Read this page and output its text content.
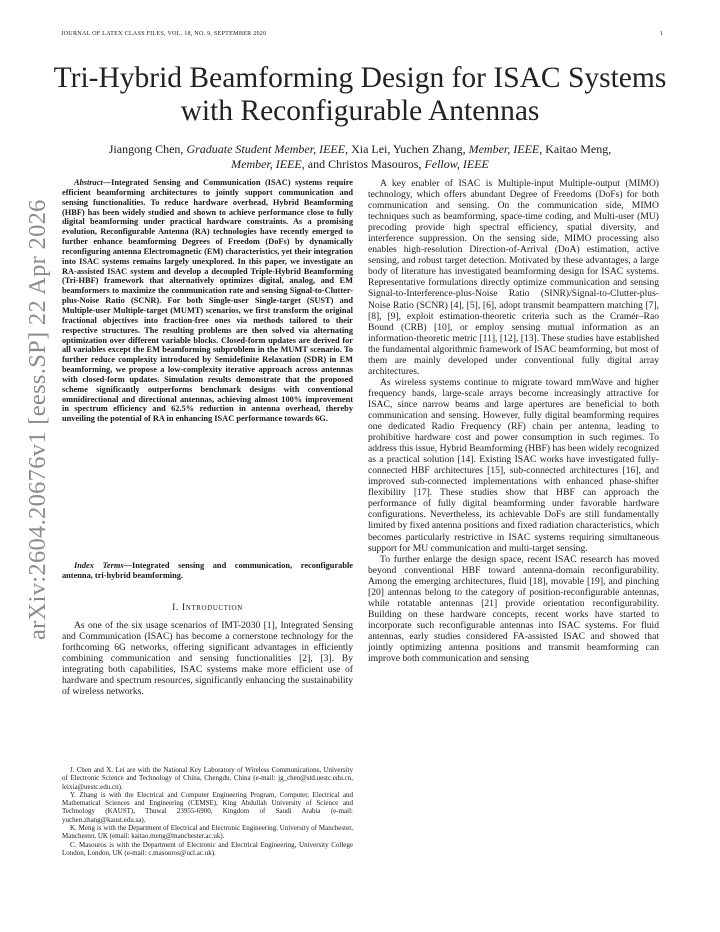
JOURNAL OF LATEX CLASS FILES, VOL. 18, NO. 9, SEPTEMBER 2020	1
arXiv:2604.20676v1 [eess.SP] 22 Apr 2026
Tri-Hybrid Beamforming Design for ISAC Systems
with Reconfigurable Antennas
Jiangong Chen, Graduate Student Member, IEEE, Xia Lei, Yuchen Zhang, Member, IEEE, Kaitao Meng,
Member, IEEE, and Christos Masouros, Fellow, IEEE

Abstract—Integrated Sensing and Communication (ISAC) systems require efficient beamforming architectures to jointly support communication and sensing functionalities. To reduce hardware overhead, Hybrid Beamforming (HBF) has been widely studied and shown to achieve performance close to fully digital beamforming under practical hardware constraints. As a promising evolution, Reconfigurable Antenna (RA) technologies have recently emerged to further enhance beamforming Degrees of Freedom (DoFs) by dynamically reconfiguring antenna Electromagnetic (EM) characteristics, yet their integration into ISAC systems remains largely unexplored. In this paper, we investigate an RA-assisted ISAC system and develop a decoupled Triple-Hybrid Beamforming (Tri-HBF) framework that alternatively optimizes digital, analog, and EM beamformers to maximize the communication rate and sensing Signal-to-Clutter-plus-Noise Ratio (SCNR). For both Single-user Single-target (SUST) and Multiple-user Multiple-target (MUMT) scenarios, we first transform the original fractional objectives into fraction-free ones via methods tailored to their respective structures. The resulting problems are then solved via alternating optimization over different variable blocks. Closed-form updates are derived for all variables except the EM beamforming subproblem in the MUMT scenario. To further reduce complexity introduced by Semidefinite Relaxation (SDR) in EM beamforming, we propose a low-complexity iterative approach across antennas with closed-form updates. Simulation results demonstrate that the proposed scheme significantly outperforms benchmark designs with conventional omnidirectional and directional antennas, achieving almost 100% improvement in spectrum efficiency and 62.5% reduction in antenna overhead, thereby unveiling the potential of RA in enhancing ISAC performance towards 6G.

Index Terms—Integrated sensing and communication, reconfigurable antenna, tri-hybrid beamforming.

I. Introduction

As one of the six usage scenarios of IMT-2030 [1], Integrated Sensing and Communication (ISAC) has become a cornerstone technology for the forthcoming 6G networks, offering significant advantages in efficiently combining communication and sensing functionalities [2], [3]. By integrating both capabilities, ISAC systems make more efficient use of hardware and spectrum resources, significantly enhancing the sustainability of wireless networks.

J. Chen and X. Lei are with the National Key Laboratory of Wireless Communications, University of Electronic Science and Technology of China, Chengdu, China (e-mail: jg_chen@std.uestc.edu.cn, leixia@uestc.edu.cn).

Y. Zhang is with the Electrical and Computer Engineering Program, Computer, Electrical and Mathematical Sciences and Engineering (CEMSE), King Abdullah University of Science and Technology (KAUST), Thuwal 23955-6900, Kingdom of Saudi Arabia (e-mail: yuchen.zhang@kaust.edu.sa).

K. Meng is with the Department of Electrical and Electronic Engineering, University of Manchester, Manchester, UK (email: kaitao.meng@manchester.ac.uk).

C. Masouros is with the Department of Electronic and Electrical Engineering, University College London, London, UK (e-mail: c.masouros@ucl.ac.uk).

A key enabler of ISAC is Multiple-input Multiple-output (MIMO) technology, which offers abundant Degree of Freedoms (DoFs) for both communication and sensing. On the communication side, MIMO techniques such as beamforming, space-time coding, and Multi-user (MU) precoding provide high spectral efficiency, spatial diversity, and interference suppression. On the sensing side, MIMO processing also enables high-resolution Direction-of-Arrival (DoA) estimation, active sensing, and robust target detection. Motivated by these advantages, a large body of literature has investigated beamforming design for ISAC systems. Representative formulations directly optimize communication and sensing Signal-to-Interference-plus-Noise Ratio (SINR)/Signal-to-Clutter-plus-Noise Ratio (SCNR) [4], [5], [6], adopt transmit beampattern matching [7], [8], [9], exploit estimation-theoretic criteria such as the Cramér–Rao Bound (CRB) [10], or employ sensing mutual information as an information-theoretic metric [11], [12], [13]. These studies have established the fundamental algorithmic framework of ISAC beamforming, but most of them are mainly developed under conventional fully digital array architectures.

As wireless systems continue to migrate toward mmWave and higher frequency bands, large-scale arrays become increasingly attractive for ISAC, since narrow beams and large apertures are beneficial to both communication and sensing. However, fully digital beamforming requires one dedicated Radio Frequency (RF) chain per antenna, leading to prohibitive hardware cost and power consumption in such regimes. To address this issue, Hybrid Beamforming (HBF) has been widely recognized as a practical solution [14]. Existing ISAC works have investigated fully-connected HBF architectures [15], sub-connected architectures [16], and improved sub-connected implementations with enhanced phase-shifter flexibility [17]. These studies show that HBF can approach the performance of fully digital beamforming under favorable hardware configurations. Nevertheless, its achievable DoFs are still fundamentally limited by fixed antenna positions and fixed radiation characteristics, which becomes particularly restrictive in ISAC systems requiring simultaneous support for MU communication and multi-target sensing.

To further enlarge the design space, recent ISAC research has moved beyond conventional HBF toward antenna-domain reconfigurability. Among the emerging architectures, fluid [18], movable [19], and pinching [20] antennas belong to the category of position-reconfigurable antennas, while rotatable antennas [21] provide orientation reconfigurability. Building on these hardware concepts, recent works have started to incorporate such reconfigurable antennas into ISAC systems. For fluid antennas, early studies considered FA-assisted ISAC and showed that jointly optimizing antenna positions and transmit beamforming can improve both communication and sensing
